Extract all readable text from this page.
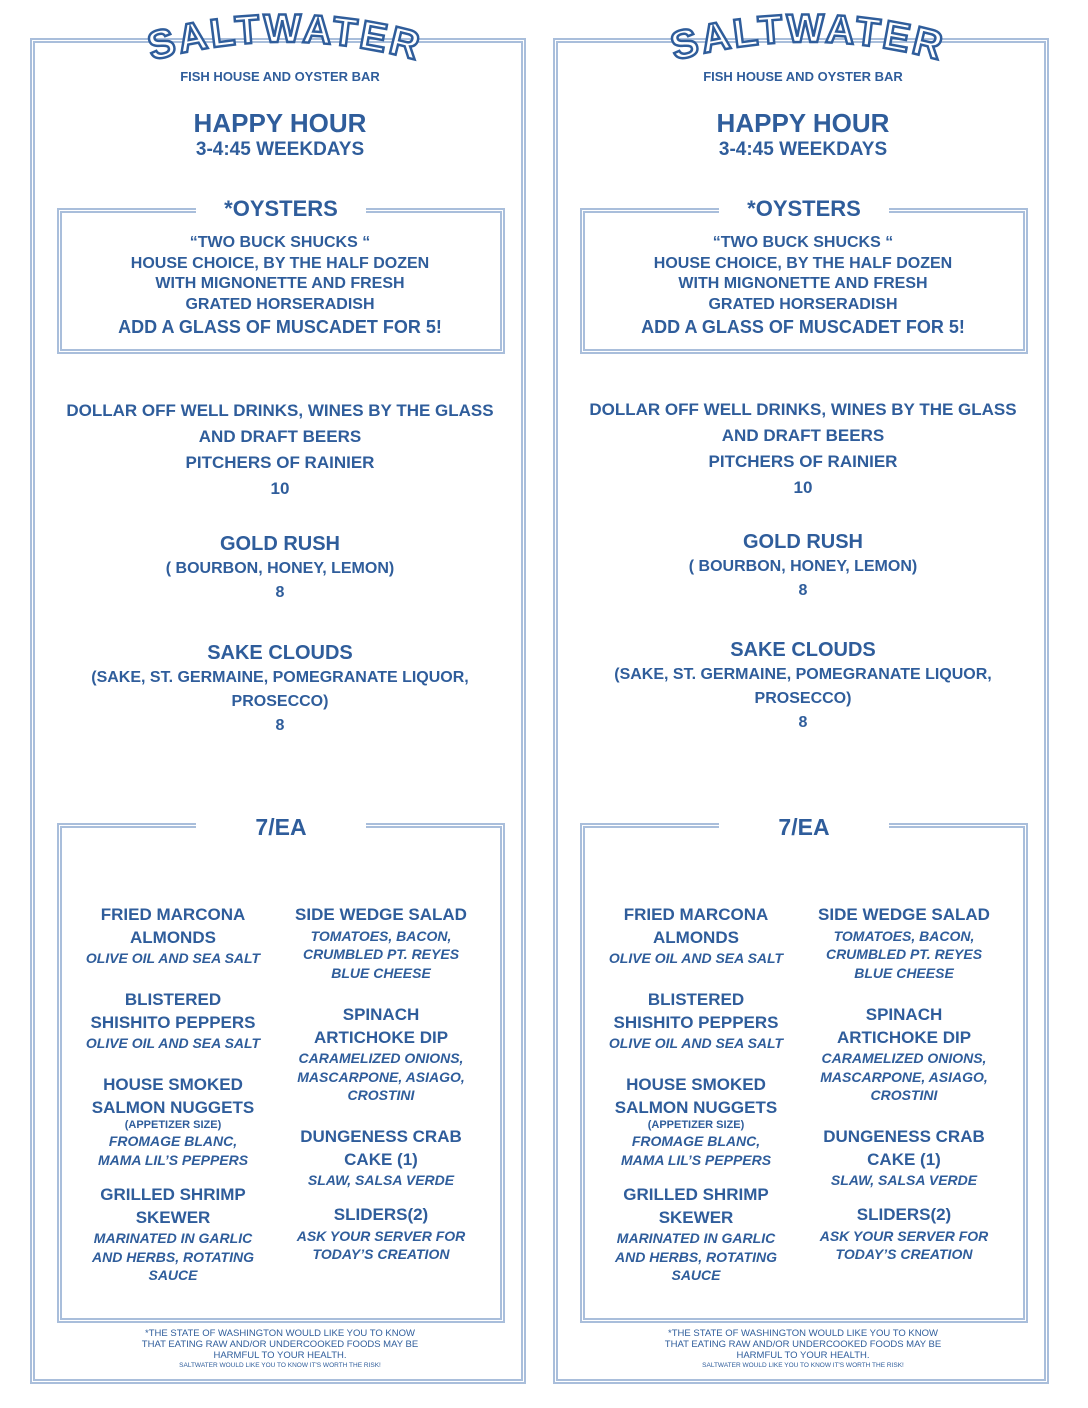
SALTWATER
FISH HOUSE AND OYSTER BAR
HAPPY HOUR
3-4:45 WEEKDAYS
*OYSTERS
“TWO BUCK SHUCKS “
HOUSE CHOICE, BY THE HALF DOZEN
WITH MIGNONETTE AND FRESH
GRATED HORSERADISH
ADD A GLASS OF MUSCADET FOR 5!
DOLLAR OFF WELL DRINKS, WINES BY THE GLASS
AND DRAFT BEERS
PITCHERS OF RAINIER
10
GOLD RUSH
( BOURBON, HONEY, LEMON)
8
SAKE CLOUDS
(SAKE, ST. GERMAINE, POMEGRANATE LIQUOR,
PROSECCO)
8
7/EA
FRIED MARCONA
ALMONDS
OLIVE OIL AND SEA SALT
BLISTERED
SHISHITO PEPPERS
OLIVE OIL AND SEA SALT
HOUSE SMOKED
SALMON NUGGETS
(APPETIZER SIZE)
FROMAGE BLANC,
MAMA LIL’S PEPPERS
GRILLED SHRIMP
SKEWER
MARINATED IN GARLIC
AND HERBS, ROTATING
SAUCE
SIDE WEDGE SALAD
TOMATOES, BACON,
CRUMBLED PT. REYES
BLUE CHEESE
SPINACH
ARTICHOKE DIP
CARAMELIZED ONIONS,
MASCARPONE, ASIAGO,
CROSTINI
DUNGENESS CRAB
CAKE (1)
SLAW, SALSA VERDE
SLIDERS(2)
ASK YOUR SERVER FOR
TODAY’S CREATION
*THE STATE OF WASHINGTON WOULD LIKE YOU TO KNOW
THAT EATING RAW AND/OR UNDERCOOKED FOODS MAY BE
HARMFUL TO YOUR HEALTH.
SALTWATER WOULD LIKE YOU TO KNOW IT'S WORTH THE RISK!
SALTWATER
FISH HOUSE AND OYSTER BAR
HAPPY HOUR
3-4:45 WEEKDAYS
*OYSTERS
“TWO BUCK SHUCKS “
HOUSE CHOICE, BY THE HALF DOZEN
WITH MIGNONETTE AND FRESH
GRATED HORSERADISH
ADD A GLASS OF MUSCADET FOR 5!
DOLLAR OFF WELL DRINKS, WINES BY THE GLASS
AND DRAFT BEERS
PITCHERS OF RAINIER
10
GOLD RUSH
( BOURBON, HONEY, LEMON)
8
SAKE CLOUDS
(SAKE, ST. GERMAINE, POMEGRANATE LIQUOR,
PROSECCO)
8
7/EA
FRIED MARCONA
ALMONDS
OLIVE OIL AND SEA SALT
BLISTERED
SHISHITO PEPPERS
OLIVE OIL AND SEA SALT
HOUSE SMOKED
SALMON NUGGETS
(APPETIZER SIZE)
FROMAGE BLANC,
MAMA LIL’S PEPPERS
GRILLED SHRIMP
SKEWER
MARINATED IN GARLIC
AND HERBS, ROTATING
SAUCE
SIDE WEDGE SALAD
TOMATOES, BACON,
CRUMBLED PT. REYES
BLUE CHEESE
SPINACH
ARTICHOKE DIP
CARAMELIZED ONIONS,
MASCARPONE, ASIAGO,
CROSTINI
DUNGENESS CRAB
CAKE (1)
SLAW, SALSA VERDE
SLIDERS(2)
ASK YOUR SERVER FOR
TODAY’S CREATION
*THE STATE OF WASHINGTON WOULD LIKE YOU TO KNOW
THAT EATING RAW AND/OR UNDERCOOKED FOODS MAY BE
HARMFUL TO YOUR HEALTH.
SALTWATER WOULD LIKE YOU TO KNOW IT'S WORTH THE RISK!
